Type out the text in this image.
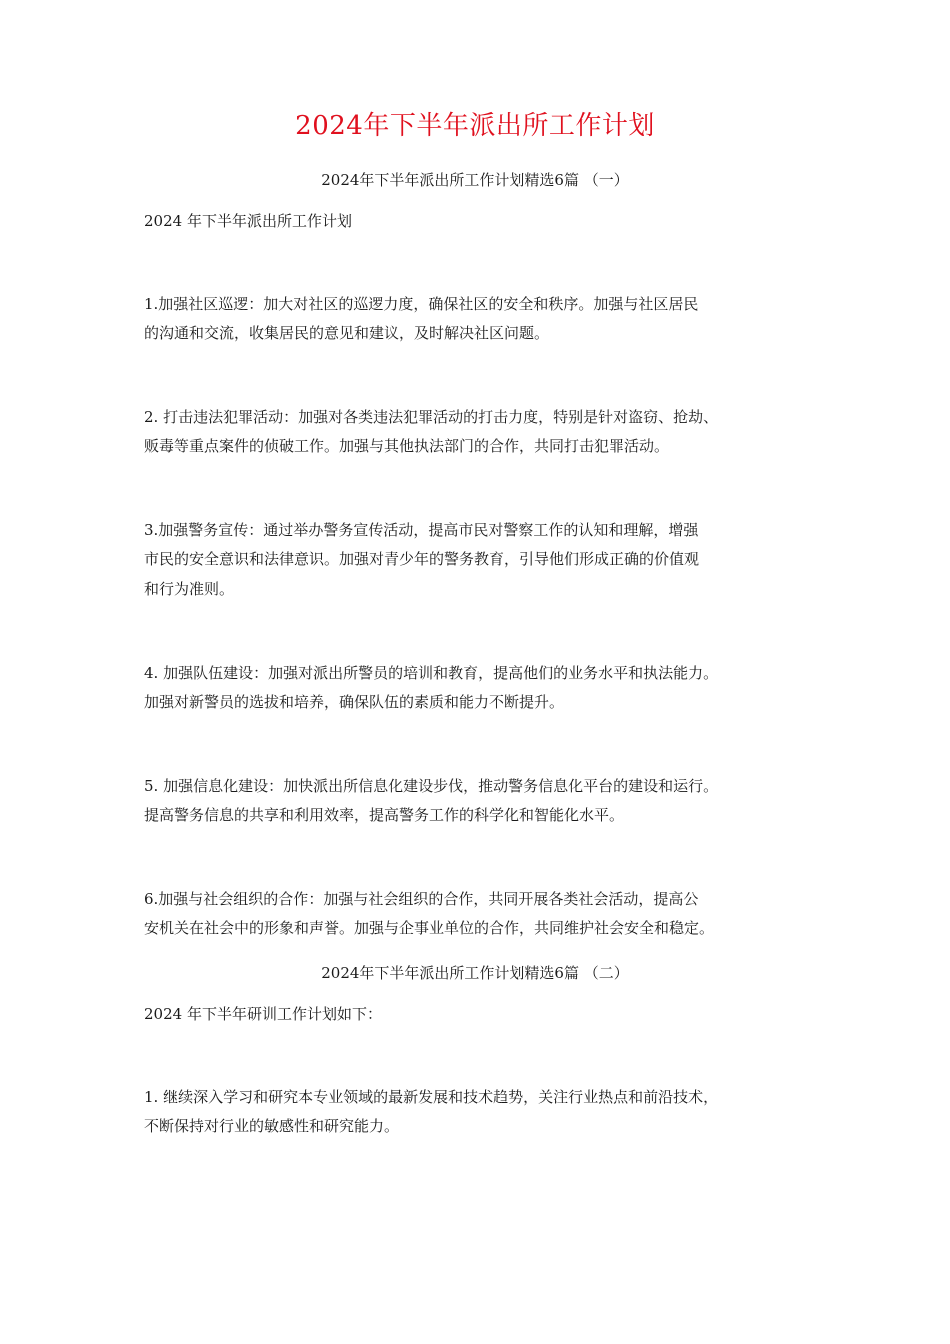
2024年下半年派出所工作计划
2024年下半年派出所工作计划精选6篇 （一）
2024 年下半年派出所工作计划
1.加强社区巡逻：加大对社区的巡逻力度，确保社区的安全和秩序。加强与社区居民
的沟通和交流，收集居民的意见和建议，及时解决社区问题。
2. 打击违法犯罪活动：加强对各类违法犯罪活动的打击力度，特别是针对盗窃、抢劫、
贩毒等重点案件的侦破工作。加强与其他执法部门的合作，共同打击犯罪活动。
3.加强警务宣传：通过举办警务宣传活动，提高市民对警察工作的认知和理解，增强
市民的安全意识和法律意识。加强对青少年的警务教育，引导他们形成正确的价值观
和行为准则。
4. 加强队伍建设：加强对派出所警员的培训和教育，提高他们的业务水平和执法能力。
加强对新警员的选拔和培养，确保队伍的素质和能力不断提升。
5. 加强信息化建设：加快派出所信息化建设步伐，推动警务信息化平台的建设和运行。
提高警务信息的共享和利用效率，提高警务工作的科学化和智能化水平。
6.加强与社会组织的合作：加强与社会组织的合作，共同开展各类社会活动，提高公
安机关在社会中的形象和声誉。加强与企事业单位的合作，共同维护社会安全和稳定。
2024年下半年派出所工作计划精选6篇 （二）
2024 年下半年研训工作计划如下：
1. 继续深入学习和研究本专业领域的最新发展和技术趋势，关注行业热点和前沿技术，
不断保持对行业的敏感性和研究能力。
